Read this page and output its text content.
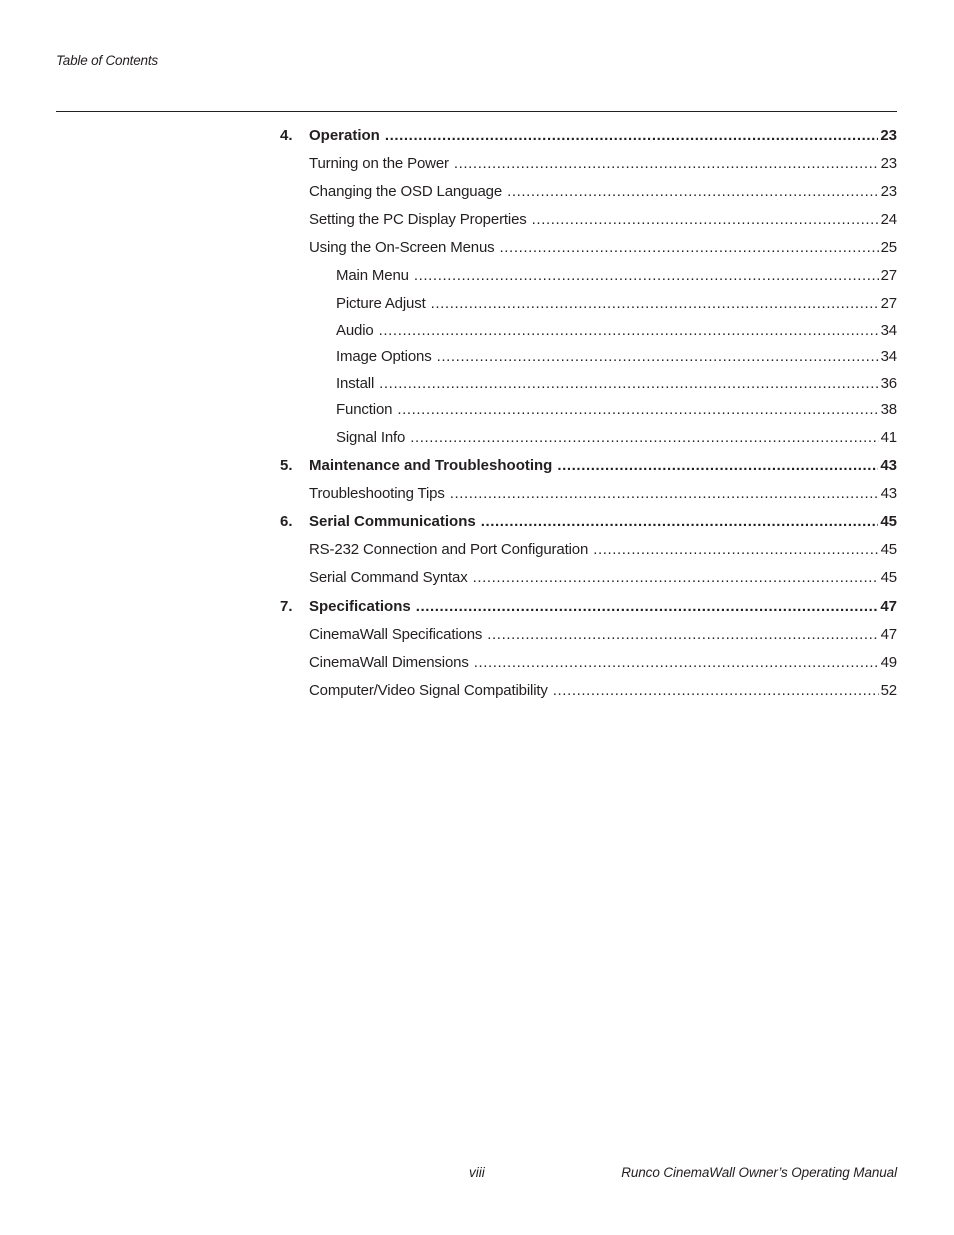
Table of Contents
4. Operation .....	23
Turning on the Power .....	23
Changing the OSD Language .....	23
Setting the PC Display Properties .....	24
Using the On-Screen Menus .....	25
Main Menu .....	27
Picture Adjust .....	27
Audio .....	34
Image Options .....	34
Install .....	36
Function .....	38
Signal Info .....	41
5. Maintenance and Troubleshooting .....	43
Troubleshooting Tips .....	43
6. Serial Communications .....	45
RS-232 Connection and Port Configuration .....	45
Serial Command Syntax .....	45
7. Specifications .....	47
CinemaWall Specifications .....	47
CinemaWall Dimensions .....	49
Computer/Video Signal Compatibility .....	52
viii	Runco CinemaWall Owner’s Operating Manual
